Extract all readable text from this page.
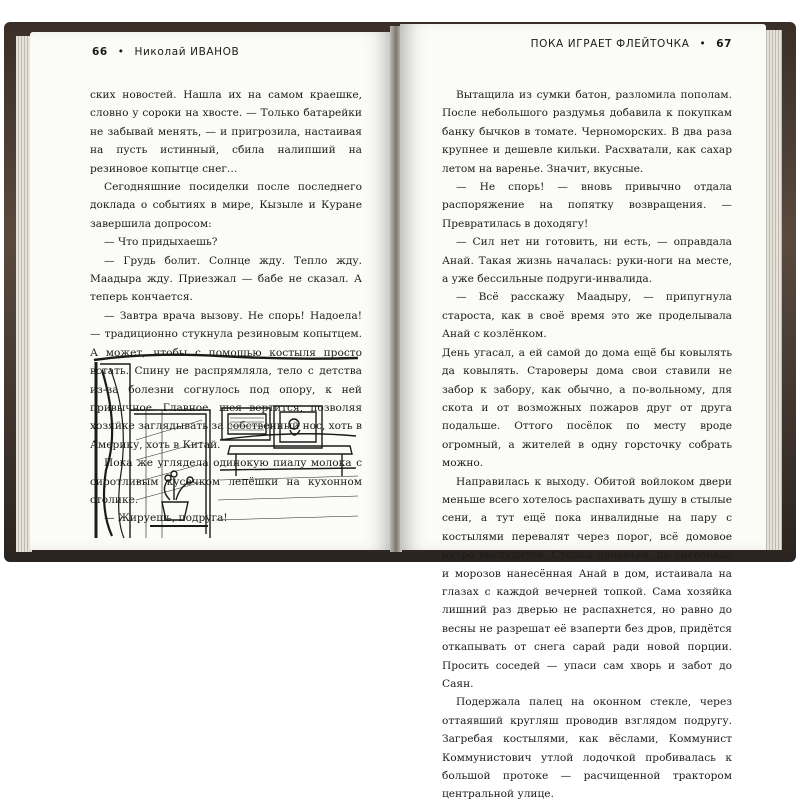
66 • Николай ИВАНОВ

ских новостей. Нашла их на самом краешке, словно у сороки на хвосте. — Только батарейки не забывай менять, — и пригрозила, настаивая на пусть истинный, сбила налипший на резиновое копытце снег…

Сегодняшние посиделки после последнего доклада о событиях в мире, Кызыле и Куране завершила допросом:

— Что придыхаешь?

— Грудь болит. Солнце жду. Тепло жду. Маадыра жду. Приезжал — бабе не сказал. А теперь кончается.

— Завтра врача вызову. Не спорь! Надоела! — традиционно стукнула резиновым копытцем. А может, чтобы с помощью костыля просто встать. Спину не распрямляла, тело с детства из-за болезни согнулось под опору, к ней привычное. Главное, шея вертится, позволяя хозяйке заглядывать за собственный нос, хоть в Америку, хоть в Китай.

Пока же углядела одинокую пиалу молока с сиротливым кусочком лепёшки на кухонном столике.

— Жируешь, подруга!

ПОКА ИГРАЕТ ФЛЕЙТОЧКА • 67

Вытащила из сумки батон, разломила пополам. После небольшого раздумья добавила к покупкам банку бычков в томате. Черноморских. В два раза крупнее и дешевле кильки. Расхватали, как сахар летом на варенье. Значит, вкусные.

— Не спорь! — вновь привычно отдала распоряжение на попятку возвращения. — Превратилась в доходягу!

— Сил нет ни готовить, ни есть, — оправдала Анай. Такая жизнь началась: руки-ноги на месте, а уже бессильные подруги-инвалида.

— Всё расскажу Маадыру, — припугнула староста, как в своё время это же проделывала Анай с козлёнком.

День угасал, а ей самой до дома ещё бы ковылять да ковылять. Староверы дома свои ставили не забор к забору, как обычно, а по-вольному, для скота и от возможных пожаров друг от друга подальше. Оттого посёлок по месту вроде огромный, а жителей в одну горсточку собрать можно.

Направилась к выходу. Обитой войлоком двери меньше всего хотелось распахивать душу в стылые сени, а тут ещё пока инвалидные на пару с костылями перевалят через порог, всё домовое нутро выстудится. Стопка поленьев, до снегопада и морозов нанесённая Анай в дом, истаивала на глазах с каждой вечерней топкой. Сама хозяйка лишний раз дверью не распахнется, но равно до весны не разрешат её взаперти без дров, придётся откапывать от снега сарай ради новой порции. Просить соседей — упаси сам хворь и забот до Саян.

Подержала палец на оконном стекле, через оттаявший кругляш проводив взглядом подругу. Загребая костылями, как вёслами, Коммунист Коммунистович утлой лодочкой пробивалась к большой протоке — расчищенной трактором центральной улице.
